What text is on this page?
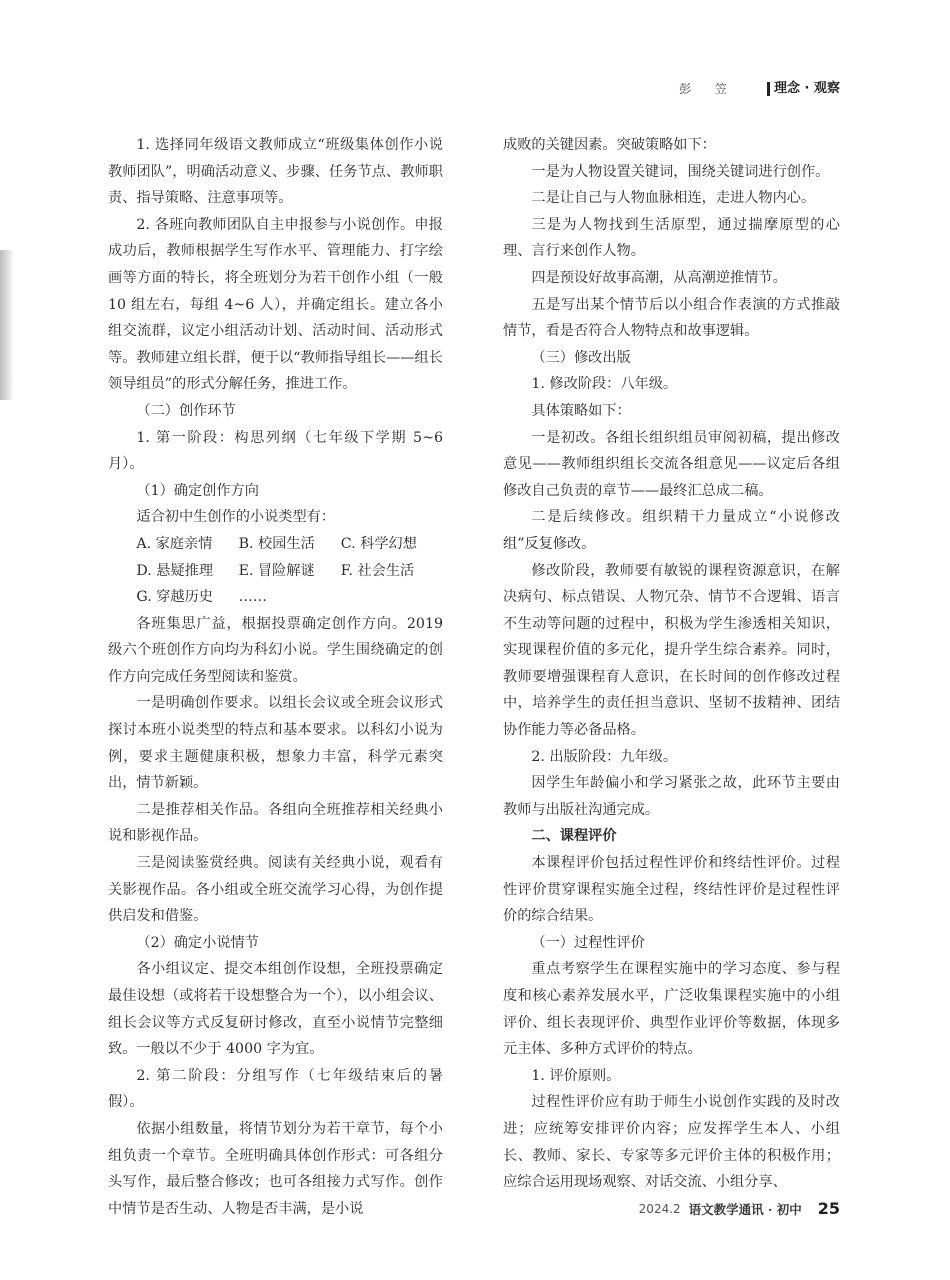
彭 笠	理念 · 观察

1. 选择同年级语文教师成立“班级集体创作小说教师团队”，明确活动意义、步骤、任务节点、教师职责、指导策略、注意事项等。

2. 各班向教师团队自主申报参与小说创作。申报成功后，教师根据学生写作水平、管理能力、打字绘画等方面的特长，将全班划分为若干创作小组（一般 10 组左右，每组 4~6 人），并确定组长。建立各小组交流群，议定小组活动计划、活动时间、活动形式等。教师建立组长群，便于以“教师指导组长——组长领导组员”的形式分解任务，推进工作。

（二）创作环节

1. 第一阶段：构思列纲（七年级下学期 5~6 月）。

（1）确定创作方向

适合初中生创作的小说类型有：

A. 家庭亲情	B. 校园生活	C. 科学幻想
D. 悬疑推理	E. 冒险解谜	F. 社会生活
G. 穿越历史	……

各班集思广益，根据投票确定创作方向。2019 级六个班创作方向均为科幻小说。学生围绕确定的创作方向完成任务型阅读和鉴赏。

一是明确创作要求。以组长会议或全班会议形式探讨本班小说类型的特点和基本要求。以科幻小说为例，要求主题健康积极，想象力丰富，科学元素突出，情节新颖。

二是推荐相关作品。各组向全班推荐相关经典小说和影视作品。

三是阅读鉴赏经典。阅读有关经典小说，观看有关影视作品。各小组或全班交流学习心得，为创作提供启发和借鉴。

（2）确定小说情节

各小组议定、提交本组创作设想，全班投票确定最佳设想（或将若干设想整合为一个），以小组会议、组长会议等方式反复研讨修改，直至小说情节完整细致。一般以不少于 4000 字为宜。

2. 第二阶段：分组写作（七年级结束后的暑假）。

依据小组数量，将情节划分为若干章节，每个小组负责一个章节。全班明确具体创作形式：可各组分头写作，最后整合修改；也可各组接力式写作。创作中情节是否生动、人物是否丰满，是小说

成败的关键因素。突破策略如下：

一是为人物设置关键词，围绕关键词进行创作。

二是让自己与人物血脉相连，走进人物内心。

三是为人物找到生活原型，通过揣摩原型的心理、言行来创作人物。

四是预设好故事高潮，从高潮逆推情节。

五是写出某个情节后以小组合作表演的方式推敲情节，看是否符合人物特点和故事逻辑。

（三）修改出版

1. 修改阶段：八年级。

具体策略如下：

一是初改。各组长组织组员审阅初稿，提出修改意见——教师组织组长交流各组意见——议定后各组修改自己负责的章节——最终汇总成二稿。

二是后续修改。组织精干力量成立“小说修改组”反复修改。

修改阶段，教师要有敏锐的课程资源意识，在解决病句、标点错误、人物冗杂、情节不合逻辑、语言不生动等问题的过程中，积极为学生渗透相关知识，实现课程价值的多元化，提升学生综合素养。同时，教师要增强课程育人意识，在长时间的创作修改过程中，培养学生的责任担当意识、坚韧不拔精神、团结协作能力等必备品格。

2. 出版阶段：九年级。

因学生年龄偏小和学习紧张之故，此环节主要由教师与出版社沟通完成。

二、课程评价

本课程评价包括过程性评价和终结性评价。过程性评价贯穿课程实施全过程，终结性评价是过程性评价的综合结果。

（一）过程性评价

重点考察学生在课程实施中的学习态度、参与程度和核心素养发展水平，广泛收集课程实施中的小组评价、组长表现评价、典型作业评价等数据，体现多元主体、多种方式评价的特点。

1. 评价原则。

过程性评价应有助于师生小说创作实践的及时改进；应统筹安排评价内容；应发挥学生本人、小组长、教师、家长、专家等多元评价主体的积极作用；应综合运用现场观察、对话交流、小组分享、

2024.2 语文教学通讯 · 初中 25
